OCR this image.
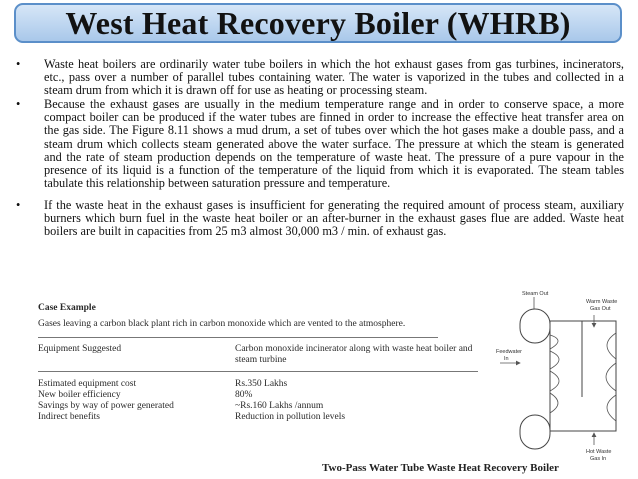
West Heat Recovery Boiler (WHRB)
• Waste heat boilers are ordinarily water tube boilers in which the hot exhaust gases from gas turbines, incinerators, etc., pass over a number of parallel tubes containing water. The water is vaporized in the tubes and collected in a steam drum from which it is drawn off for use as heating or processing steam.
• Because the exhaust gases are usually in the medium temperature range and in order to conserve space, a more compact boiler can be produced if the water tubes are finned in order to increase the effective heat transfer area on the gas side. The Figure 8.11 shows a mud drum, a set of tubes over which the hot gases make a double pass, and a steam drum which collects steam generated above the water surface. The pressure at which the steam is generated and the rate of steam production depends on the temperature of waste heat. The pressure of a pure vapour in the presence of its liquid is a function of the temperature of the liquid from which it is evaporated. The steam tables tabulate this relationship between saturation pressure and temperature.
• If the waste heat in the exhaust gases is insufficient for generating the required amount of process steam, auxiliary burners which burn fuel in the waste heat boiler or an after-burner in the exhaust gases flue are added. Waste heat boilers are built in capacities from 25 m3 almost 30,000 m3 / min. of exhaust gas.
Case Example
Gases leaving a carbon black plant rich in carbon monoxide which are vented to the atmosphere.
Equipment Suggested	Carbon monoxide incinerator along with waste heat boiler and steam turbine
Estimated equipment cost	Rs.350 Lakhs
New boiler efficiency	80%
Savings by way of power generated	~Rs.160 Lakhs /annum
Indirect benefits	Reduction in pollution levels
Steam Out
Warm Waste
Gas Out
Feedwater
In
Hot Waste
Gas In
Two-Pass Water Tube Waste Heat Recovery Boiler
